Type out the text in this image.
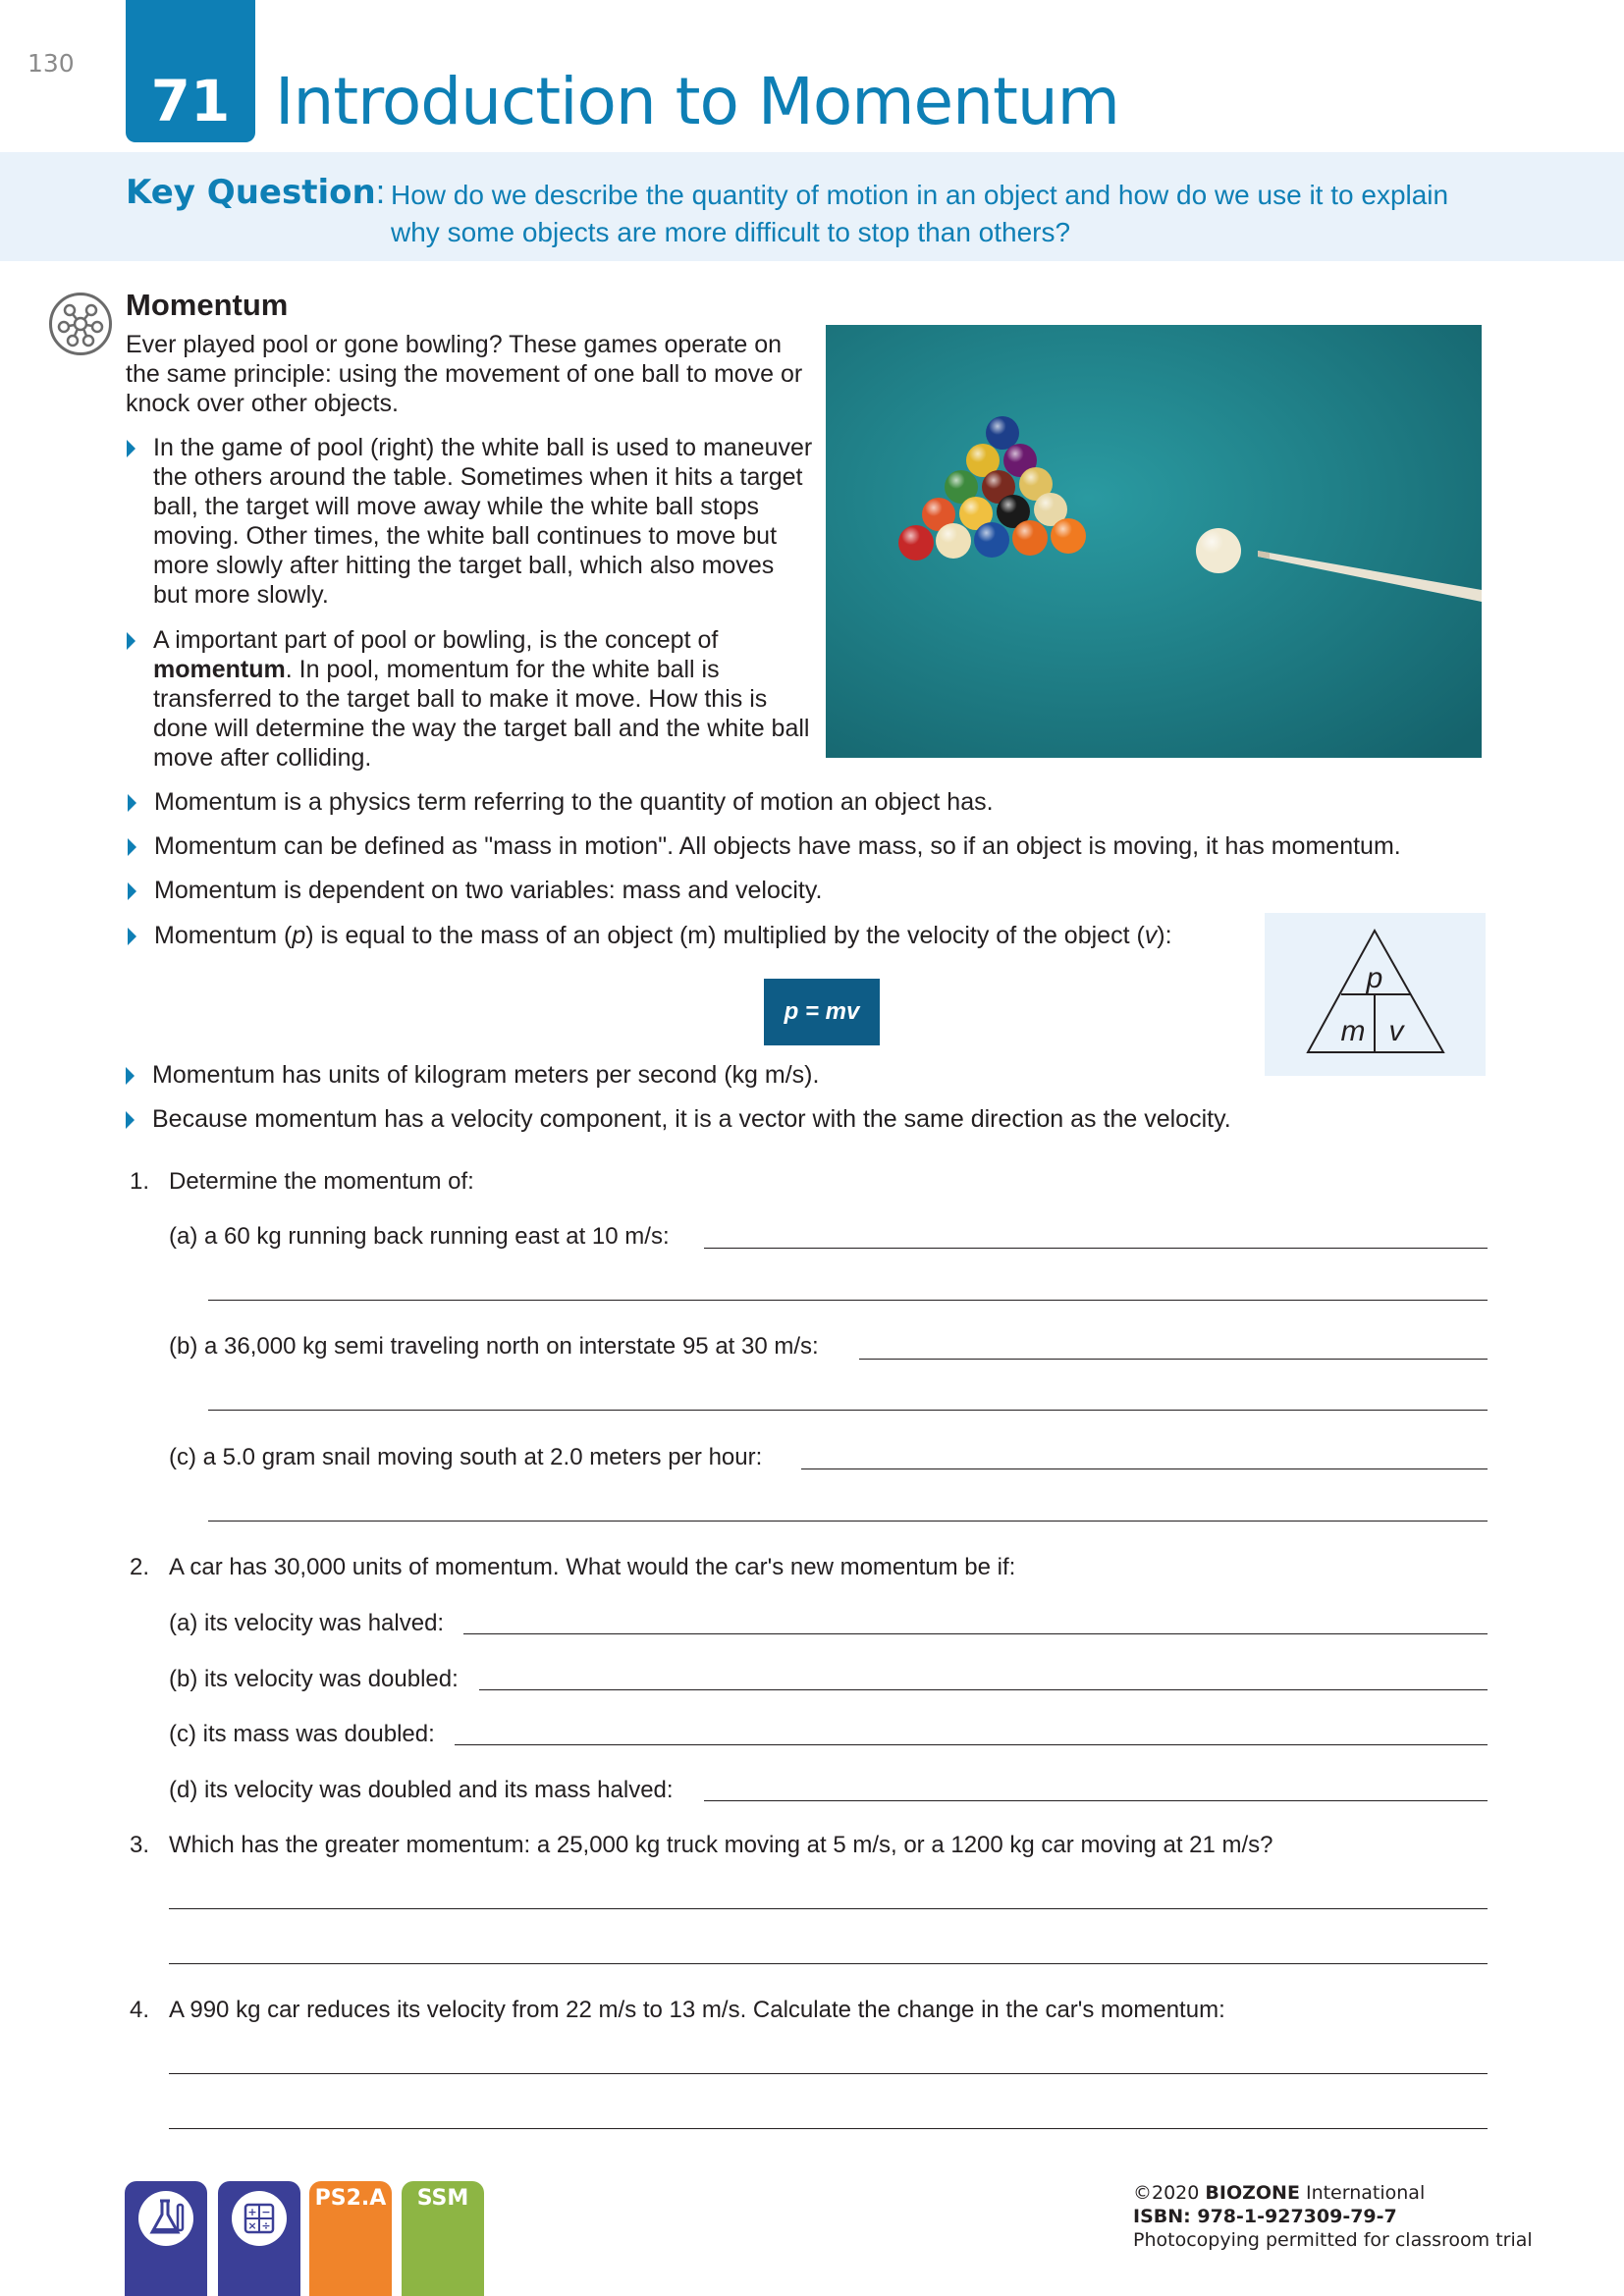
130
71 Introduction to Momentum
Key Question: How do we describe the quantity of motion in an object and how do we use it to explain why some objects are more difficult to stop than others?
Momentum
Ever played pool or gone bowling? These games operate on the same principle: using the movement of one ball to move or knock over other objects.
In the game of pool (right) the white ball is used to maneuver the others around the table. Sometimes when it hits a target ball, the target will move away while the white ball stops moving. Other times, the white ball continues to move but more slowly after hitting the target ball, which also moves but more slowly.
A important part of pool or bowling, is the concept of momentum. In pool, momentum for the white ball is transferred to the target ball to make it move. How this is done will determine the way the target ball and the white ball move after colliding.
Momentum is a physics term referring to the quantity of motion an object has.
Momentum can be defined as "mass in motion". All objects have mass, so if an object is moving, it has momentum.
Momentum is dependent on two variables: mass and velocity.
Momentum (p) is equal to the mass of an object (m) multiplied by the velocity of the object (v):
p = mv
p
m v
Momentum has units of kilogram meters per second (kg m/s).
Because momentum has a velocity component, it is a vector with the same direction as the velocity.
1. Determine the momentum of:
(a) a 60 kg running back running east at 10 m/s:
(b) a 36,000 kg semi traveling north on interstate 95 at 30 m/s:
(c) a 5.0 gram snail moving south at 2.0 meters per hour:
2. A car has 30,000 units of momentum. What would the car's new momentum be if:
(a) its velocity was halved:
(b) its velocity was doubled:
(c) its mass was doubled:
(d) its velocity was doubled and its mass halved:
3. Which has the greater momentum: a 25,000 kg truck moving at 5 m/s, or a 1200 kg car moving at 21 m/s?
4. A 990 kg car reduces its velocity from 22 m/s to 13 m/s. Calculate the change in the car's momentum:
+ −
× ÷
PS2.A	SSM	©2020 BIOZONE International
ISBN: 978-1-927309-79-7
Photocopying permitted for classroom trial
